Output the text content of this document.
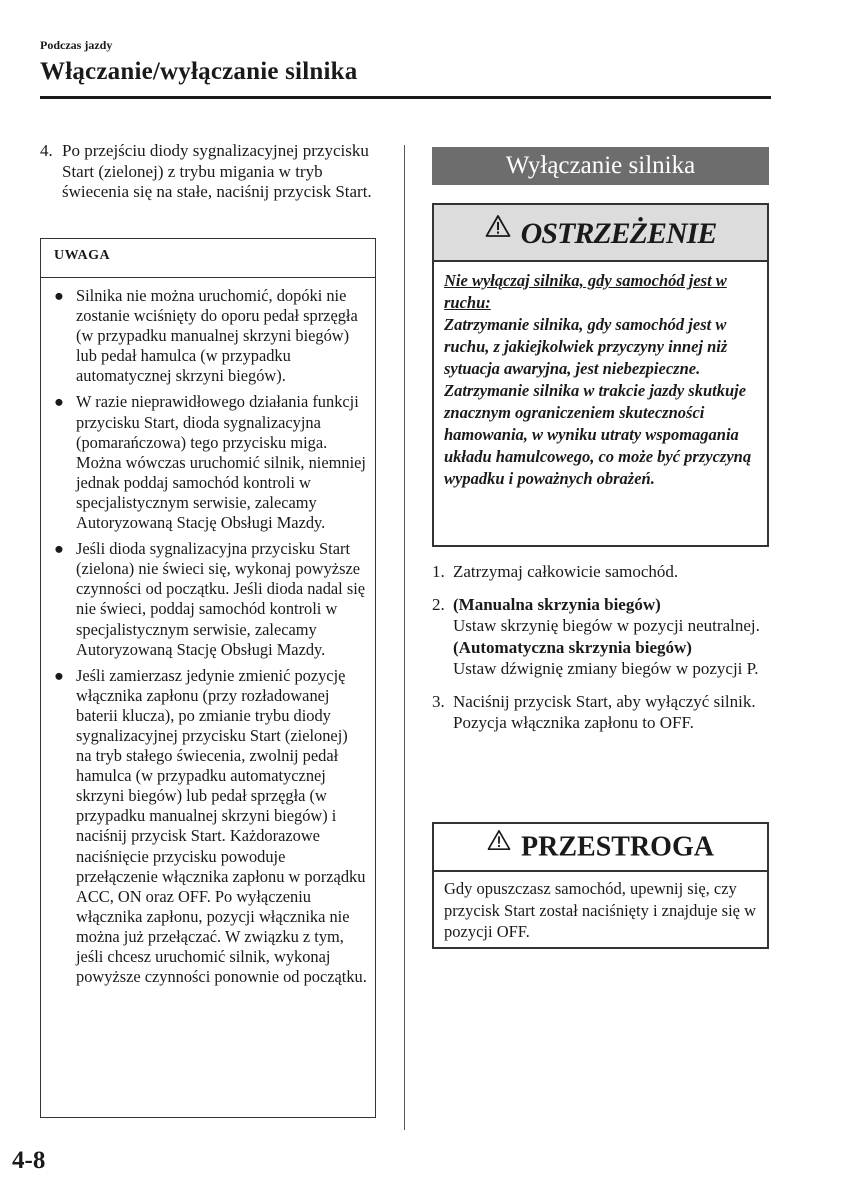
Podczas jazdy
Włączanie/wyłączanie silnika
4. Po przejściu diody sygnalizacyjnej przycisku Start (zielonej) z trybu migania w tryb świecenia się na stałe, naciśnij przycisk Start.
UWAGA
● Silnika nie można uruchomić, dopóki nie zostanie wciśnięty do oporu pedał sprzęgła (w przypadku manualnej skrzyni biegów) lub pedał hamulca (w przypadku automatycznej skrzyni biegów).
● W razie nieprawidłowego działania funkcji przycisku Start, dioda sygnalizacyjna (pomarańczowa) tego przycisku miga. Można wówczas uruchomić silnik, niemniej jednak poddaj samochód kontroli w specjalistycznym serwisie, zalecamy Autoryzowaną Stację Obsługi Mazdy.
● Jeśli dioda sygnalizacyjna przycisku Start (zielona) nie świeci się, wykonaj powyższe czynności od początku. Jeśli dioda nadal się nie świeci, poddaj samochód kontroli w specjalistycznym serwisie, zalecamy Autoryzowaną Stację Obsługi Mazdy.
● Jeśli zamierzasz jedynie zmienić pozycję włącznika zapłonu (przy rozładowanej baterii klucza), po zmianie trybu diody sygnalizacyjnej przycisku Start (zielonej) na tryb stałego świecenia, zwolnij pedał hamulca (w przypadku automatycznej skrzyni biegów) lub pedał sprzęgła (w przypadku manualnej skrzyni biegów) i naciśnij przycisk Start. Każdorazowe naciśnięcie przycisku powoduje przełączenie włącznika zapłonu w porządku ACC, ON oraz OFF. Po wyłączeniu włącznika zapłonu, pozycji włącznika nie można już przełączać. W związku z tym, jeśli chcesz uruchomić silnik, wykonaj powyższe czynności ponownie od początku.
Wyłączanie silnika
OSTRZEŻENIE
Nie wyłączaj silnika, gdy samochód jest w ruchu:
Zatrzymanie silnika, gdy samochód jest w ruchu, z jakiejkolwiek przyczyny innej niż sytuacja awaryjna, jest niebezpieczne. Zatrzymanie silnika w trakcie jazdy skutkuje znacznym ograniczeniem skuteczności hamowania, w wyniku utraty wspomagania układu hamulcowego, co może być przyczyną wypadku i poważnych obrażeń.
1. Zatrzymaj całkowicie samochód.
2. (Manualna skrzynia biegów)
Ustaw skrzynię biegów w pozycji neutralnej.
(Automatyczna skrzynia biegów)
Ustaw dźwignię zmiany biegów w pozycji P.
3. Naciśnij przycisk Start, aby wyłączyć silnik. Pozycja włącznika zapłonu to OFF.
PRZESTROGA
Gdy opuszczasz samochód, upewnij się, czy przycisk Start został naciśnięty i znajduje się w pozycji OFF.
4-8
